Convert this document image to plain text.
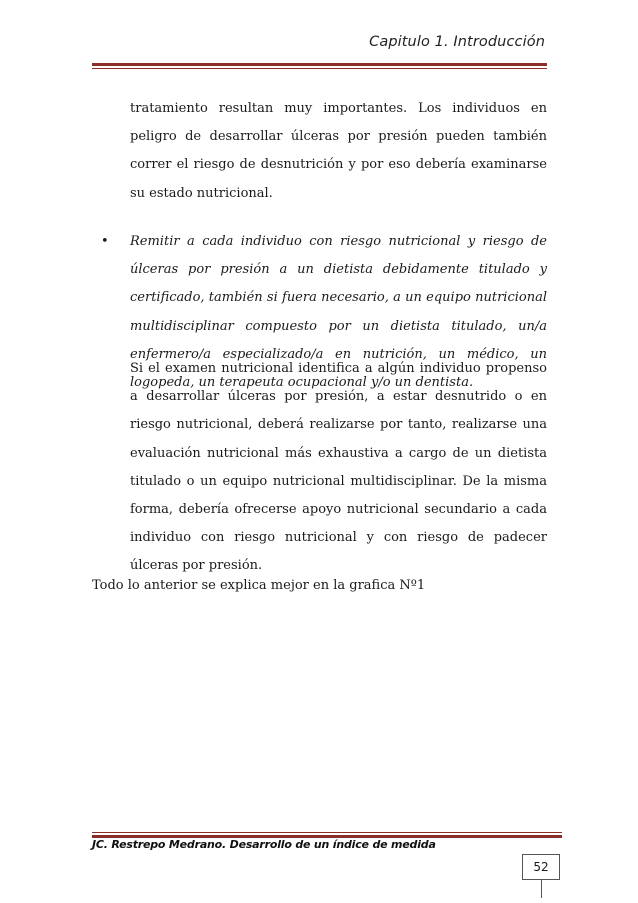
Capitulo 1. Introducción

tratamiento resultan muy importantes. Los individuos en peligro de desarrollar úlceras por presión pueden también correr el riesgo de desnutrición y por eso debería examinarse su estado nutricional.

• Remitir a cada individuo con riesgo nutricional y riesgo de úlceras por presión a un dietista debidamente titulado y certificado, también si fuera necesario, a un equipo nutricional multidisciplinar compuesto por un dietista titulado, un/a enfermero/a especializado/a en nutrición, un médico, un logopeda, un terapeuta ocupacional y/o un dentista.

Si el examen nutricional identifica a algún individuo propenso a desarrollar úlceras por presión, a estar desnutrido o en riesgo nutricional, deberá realizarse por tanto, realizarse una evaluación nutricional más exhaustiva a cargo de un dietista titulado o un equipo nutricional multidisciplinar. De la misma forma, debería ofrecerse apoyo nutricional secundario a cada individuo con riesgo nutricional y con riesgo de padecer úlceras por presión.

Todo lo anterior se explica mejor en la grafica Nº1

JC. Restrepo Medrano. Desarrollo de un índice de medida
52
